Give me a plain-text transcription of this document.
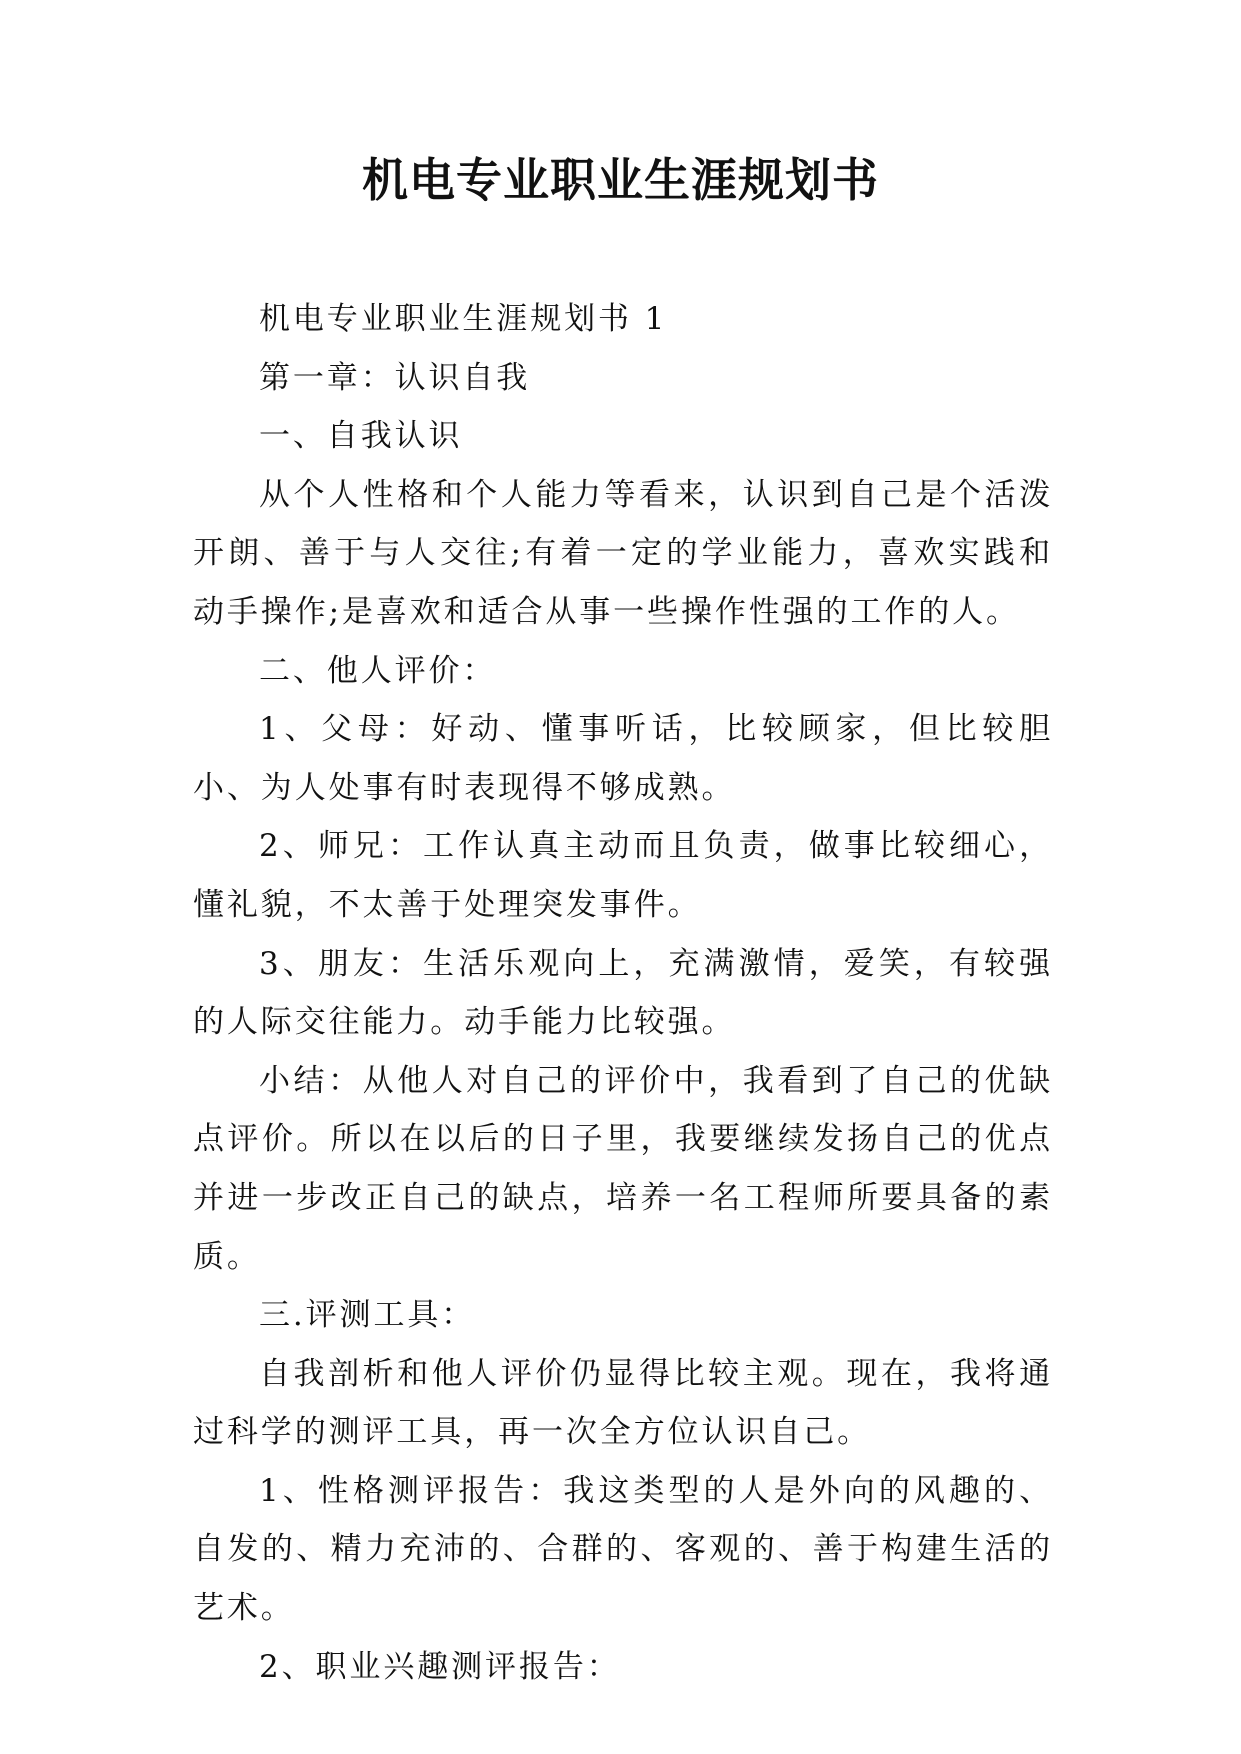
机电专业职业生涯规划书

机电专业职业生涯规划书 1

第一章：认识自我

一、自我认识

从个人性格和个人能力等看来，认识到自己是个活泼开朗、善于与人交往;有着一定的学业能力，喜欢实践和动手操作;是喜欢和适合从事一些操作性强的工作的人。

二、他人评价：

1、父母：好动、懂事听话，比较顾家，但比较胆小、为人处事有时表现得不够成熟。

2、师兄：工作认真主动而且负责，做事比较细心，懂礼貌，不太善于处理突发事件。

3、朋友：生活乐观向上，充满激情，爱笑，有较强的人际交往能力。动手能力比较强。

小结：从他人对自己的评价中，我看到了自己的优缺点评价。所以在以后的日子里，我要继续发扬自己的优点并进一步改正自己的缺点，培养一名工程师所要具备的素质。

三.评测工具：

自我剖析和他人评价仍显得比较主观。现在，我将通过科学的测评工具，再一次全方位认识自己。

1、性格测评报告：我这类型的人是外向的风趣的、自发的、精力充沛的、合群的、客观的、善于构建生活的艺术。

2、职业兴趣测评报告：
